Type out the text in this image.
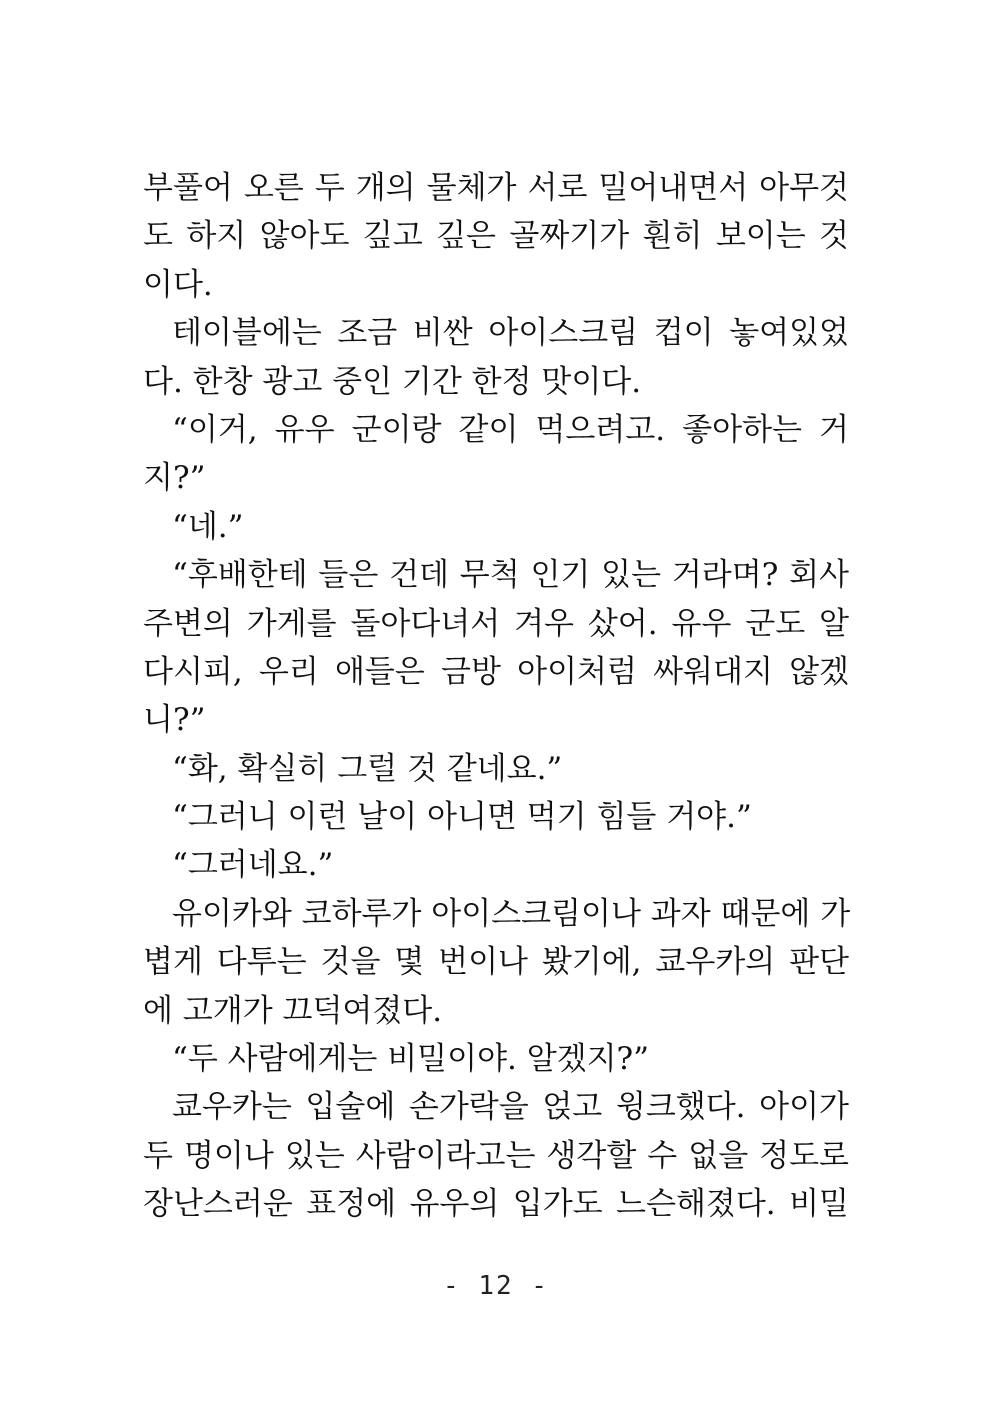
부풀어 오른 두 개의 물체가 서로 밀어내면서 아무것
도 하지 않아도 깊고 깊은 골짜기가 훤히 보이는 것
이다.
테이블에는 조금 비싼 아이스크림 컵이 놓여있었
다. 한창 광고 중인 기간 한정 맛이다.
“이거, 유우 군이랑 같이 먹으려고. 좋아하는 거
지?”
“네.”
“후배한테 들은 건데 무척 인기 있는 거라며? 회사
주변의 가게를 돌아다녀서 겨우 샀어. 유우 군도 알
다시피, 우리 애들은 금방 아이처럼 싸워대지 않겠
니?”
“화, 확실히 그럴 것 같네요.”
“그러니 이런 날이 아니면 먹기 힘들 거야.”
“그러네요.”
유이카와 코하루가 아이스크림이나 과자 때문에 가
볍게 다투는 것을 몇 번이나 봤기에, 쿄우카의 판단
에 고개가 끄덕여졌다.
“두 사람에게는 비밀이야. 알겠지?”
쿄우카는 입술에 손가락을 얹고 윙크했다. 아이가
두 명이나 있는 사람이라고는 생각할 수 없을 정도로
장난스러운 표정에 유우의 입가도 느슨해졌다. 비밀
- 12 -
